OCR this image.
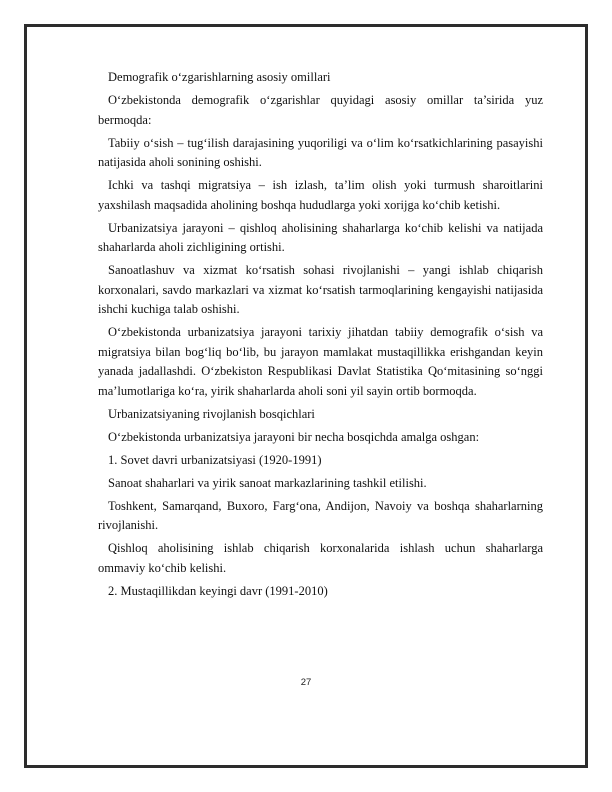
Demografik oʻzgarishlarning asosiy omillari

Oʻzbekistonda demografik oʻzgarishlar quyidagi asosiy omillar ta’sirida yuz bermoqda:

Tabiiy o‘sish – tug‘ilish darajasining yuqoriligi va o‘lim ko‘rsatkichlarining pasayishi natijasida aholi sonining oshishi.

Ichki va tashqi migratsiya – ish izlash, ta’lim olish yoki turmush sharoitlarini yaxshilash maqsadida aholining boshqa hududlarga yoki xorijga ko‘chib ketishi.

Urbanizatsiya jarayoni – qishloq aholisining shaharlarga ko‘chib kelishi va natijada shaharlarda aholi zichligining ortishi.

Sanoatlashuv va xizmat ko‘rsatish sohasi rivojlanishi – yangi ishlab chiqarish korxonalari, savdo markazlari va xizmat ko‘rsatish tarmoqlarining kengayishi natijasida ishchi kuchiga talab oshishi.

Oʻzbekistonda urbanizatsiya jarayoni tarixiy jihatdan tabiiy demografik o‘sish va migratsiya bilan bog‘liq bo‘lib, bu jarayon mamlakat mustaqillikka erishgandan keyin yanada jadallashdi. Oʻzbekiston Respublikasi Davlat Statistika Qo‘mitasining soʻnggi ma’lumotlariga ko‘ra, yirik shaharlarda aholi soni yil sayin ortib bormoqda.

Urbanizatsiyaning rivojlanish bosqichlari

Oʻzbekistonda urbanizatsiya jarayoni bir necha bosqichda amalga oshgan:

1. Sovet davri urbanizatsiyasi (1920-1991)

Sanoat shaharlari va yirik sanoat markazlarining tashkil etilishi.

Toshkent, Samarqand, Buxoro, Farg‘ona, Andijon, Navoiy va boshqa shaharlarning rivojlanishi.

Qishloq aholisining ishlab chiqarish korxonalarida ishlash uchun shaharlarga ommaviy ko‘chib kelishi.

2. Mustaqillikdan keyingi davr (1991-2010)

27
